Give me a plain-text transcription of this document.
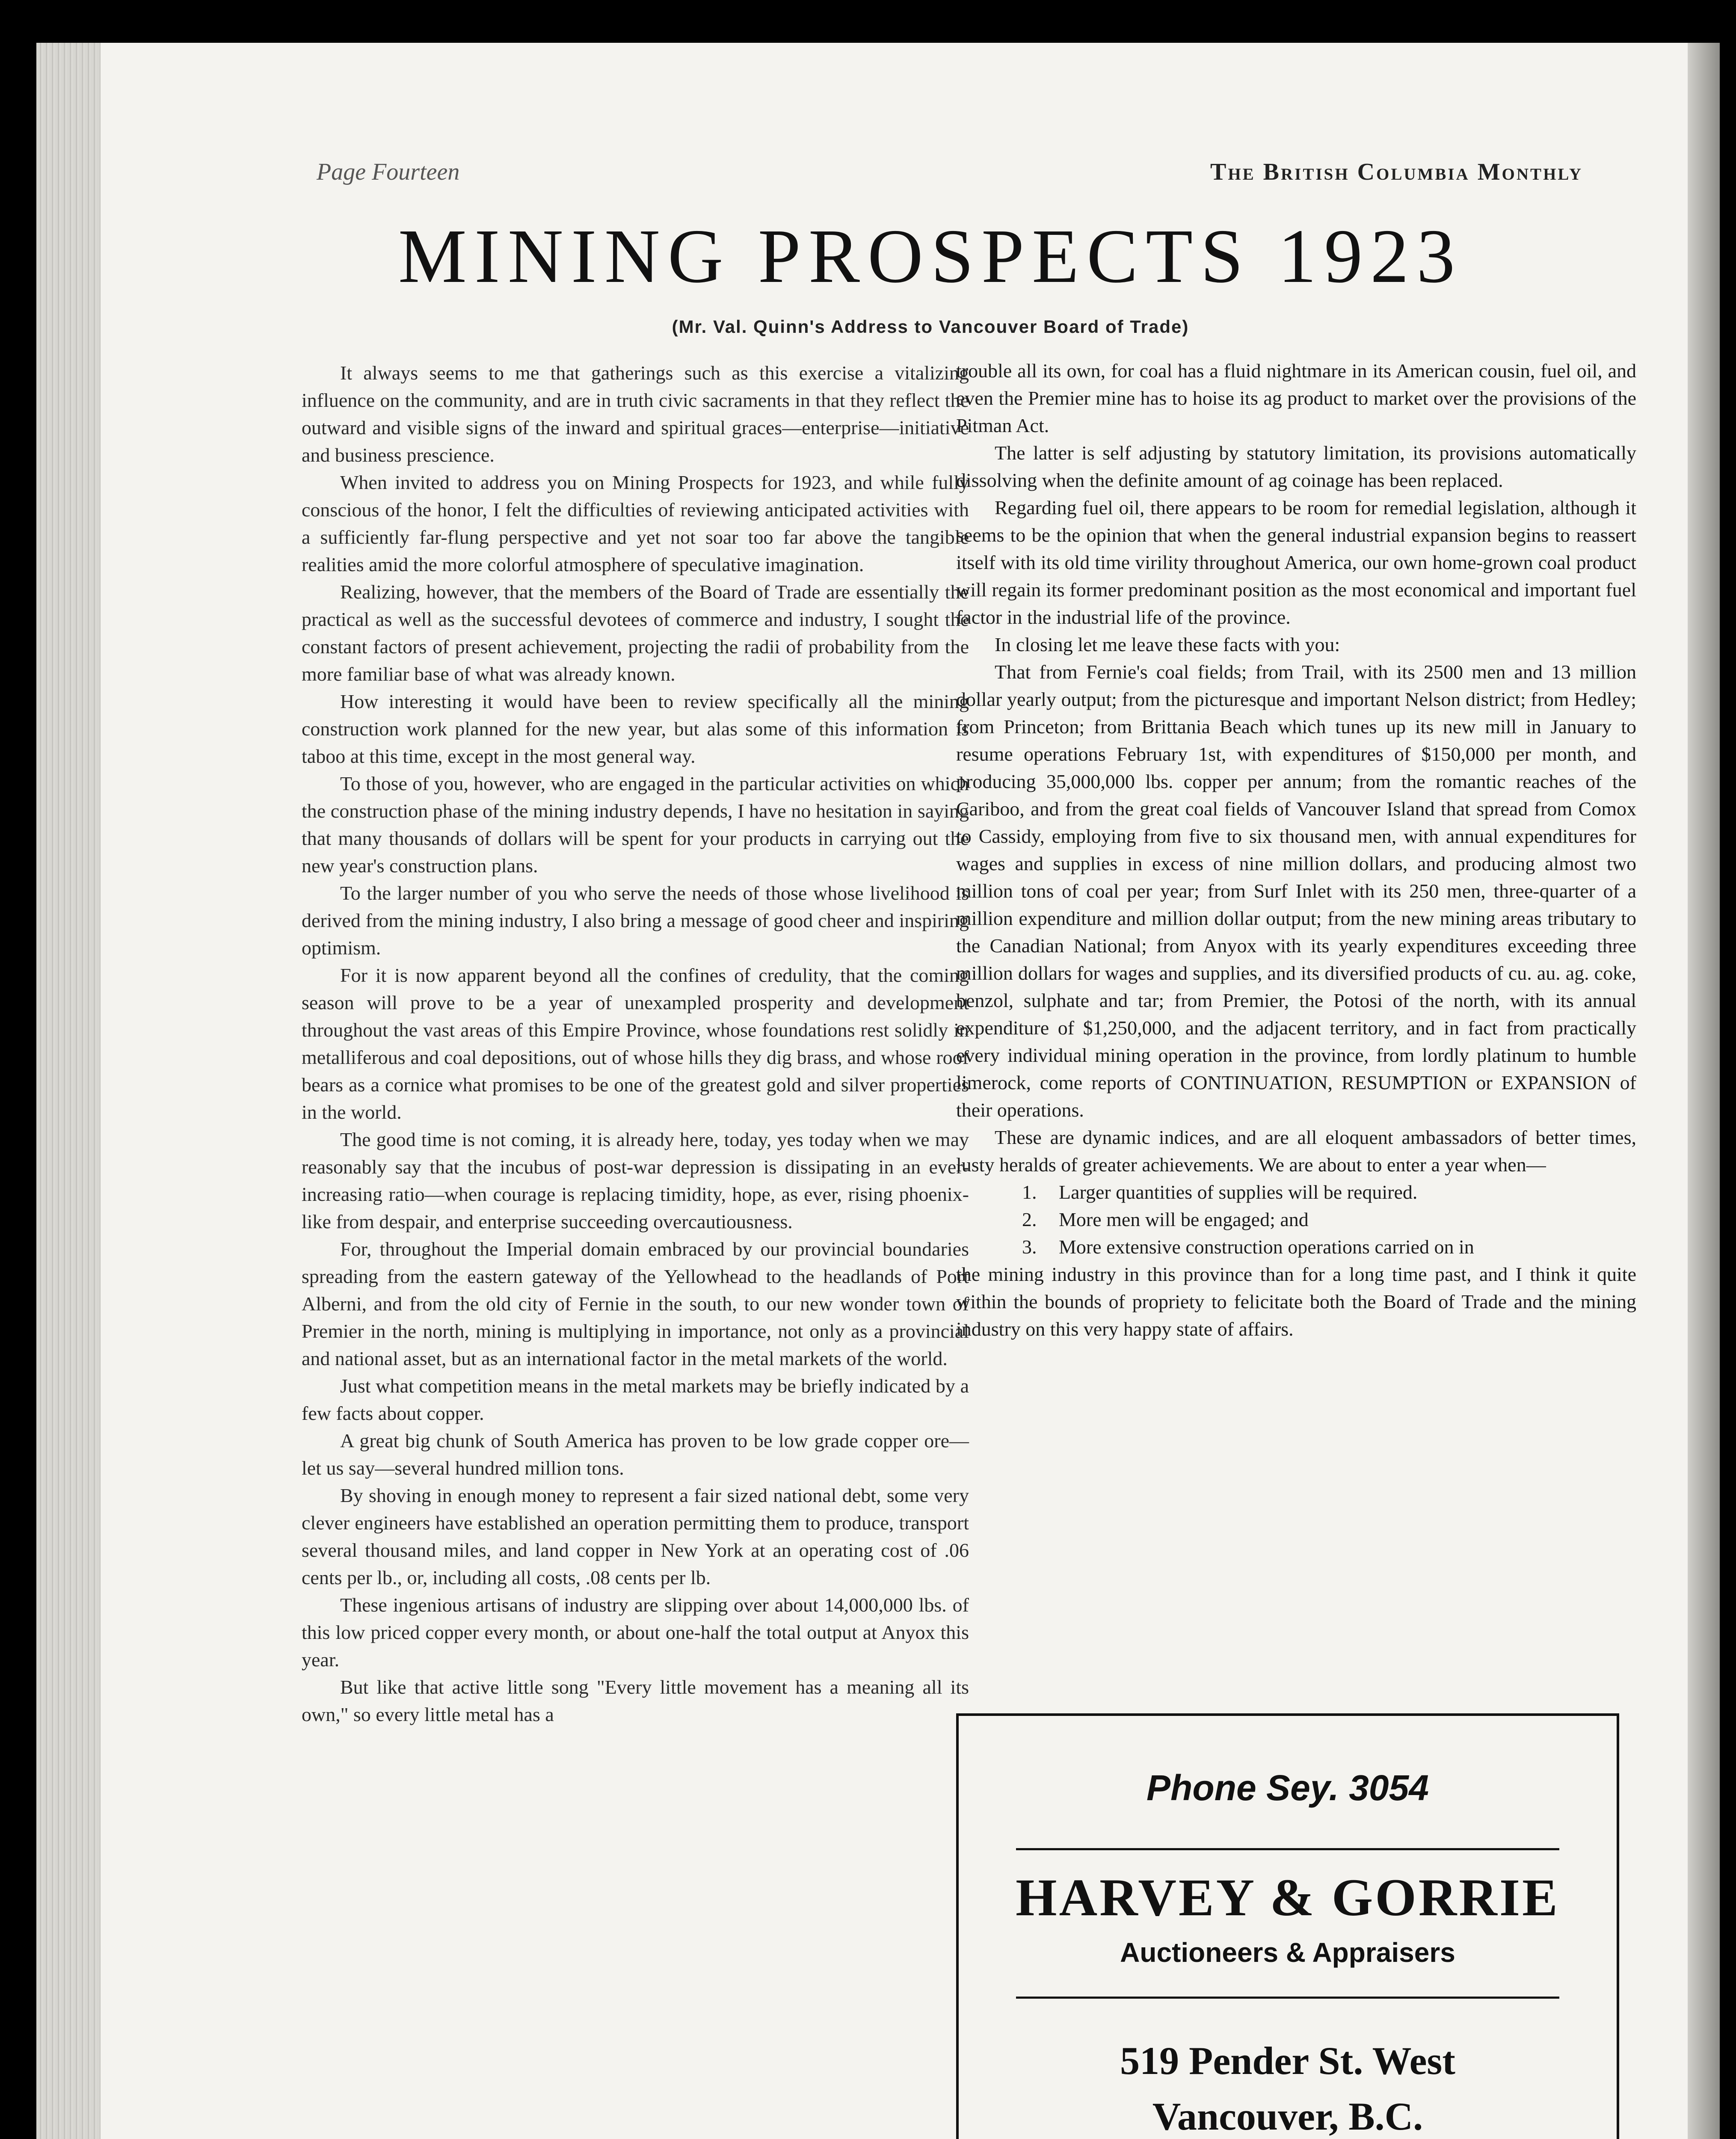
Page Fourteen	The British Columbia Monthly
MINING PROSPECTS 1923
(Mr. Val. Quinn's Address to Vancouver Board of Trade)

It always seems to me that gatherings such as this exercise a vitalizing influence on the community, and are in truth civic sacraments in that they reflect the outward and visible signs of the inward and spiritual graces—enterprise—initiative and business prescience.

When invited to address you on Mining Prospects for 1923, and while fully conscious of the honor, I felt the difficulties of reviewing anticipated activities with a sufficiently far-flung perspective and yet not soar too far above the tangible realities amid the more colorful atmosphere of speculative imagination.

Realizing, however, that the members of the Board of Trade are essentially the practical as well as the successful devotees of commerce and industry, I sought the constant factors of present achievement, projecting the radii of probability from the more familiar base of what was already known.

How interesting it would have been to review specifically all the mining construction work planned for the new year, but alas some of this information is taboo at this time, except in the most general way.

To those of you, however, who are engaged in the particular activities on which the construction phase of the mining industry depends, I have no hesitation in saying that many thousands of dollars will be spent for your products in carrying out the new year's construction plans.

To the larger number of you who serve the needs of those whose livelihood is derived from the mining industry, I also bring a message of good cheer and inspiring optimism.

For it is now apparent beyond all the confines of credulity, that the coming season will prove to be a year of unexampled prosperity and development throughout the vast areas of this Empire Province, whose foundations rest solidly in metalliferous and coal depositions, out of whose hills they dig brass, and whose roof bears as a cornice what promises to be one of the greatest gold and silver properties in the world.

The good time is not coming, it is already here, today, yes today when we may reasonably say that the incubus of post-war depression is dissipating in an ever-increasing ratio—when courage is replacing timidity, hope, as ever, rising phoenix-like from despair, and enterprise succeeding overcautiousness.

For, throughout the Imperial domain embraced by our provincial boundaries spreading from the eastern gateway of the Yellowhead to the headlands of Port Alberni, and from the old city of Fernie in the south, to our new wonder town of Premier in the north, mining is multiplying in importance, not only as a provincial and national asset, but as an international factor in the metal markets of the world.

Just what competition means in the metal markets may be briefly indicated by a few facts about copper.

A great big chunk of South America has proven to be low grade copper ore—let us say—several hundred million tons.

By shoving in enough money to represent a fair sized national debt, some very clever engineers have established an operation permitting them to produce, transport several thousand miles, and land copper in New York at an operating cost of .06 cents per lb., or, including all costs, .08 cents per lb.

These ingenious artisans of industry are slipping over about 14,000,000 lbs. of this low priced copper every month, or about one-half the total output at Anyox this year.

But like that active little song "Every little movement has a meaning all its own," so every little metal has a

trouble all its own, for coal has a fluid nightmare in its American cousin, fuel oil, and even the Premier mine has to hoise its ag product to market over the provisions of the Pitman Act.

The latter is self adjusting by statutory limitation, its provisions automatically dissolving when the definite amount of ag coinage has been replaced.

Regarding fuel oil, there appears to be room for remedial legislation, although it seems to be the opinion that when the general industrial expansion begins to reassert itself with its old time virility throughout America, our own home-grown coal product will regain its former predominant position as the most economical and important fuel factor in the industrial life of the province.

In closing let me leave these facts with you:

That from Fernie's coal fields; from Trail, with its 2500 men and 13 million dollar yearly output; from the picturesque and important Nelson district; from Hedley; from Princeton; from Brittania Beach which tunes up its new mill in January to resume operations February 1st, with expenditures of $150,000 per month, and producing 35,000,000 lbs. copper per annum; from the romantic reaches of the Cariboo, and from the great coal fields of Vancouver Island that spread from Comox to Cassidy, employing from five to six thousand men, with annual expenditures for wages and supplies in excess of nine million dollars, and producing almost two million tons of coal per year; from Surf Inlet with its 250 men, three-quarter of a million expenditure and million dollar output; from the new mining areas tributary to the Canadian National; from Anyox with its yearly expenditures exceeding three million dollars for wages and supplies, and its diversified products of cu. au. ag. coke, benzol, sulphate and tar; from Premier, the Potosi of the north, with its annual expenditure of $1,250,000, and the adjacent territory, and in fact from practically every individual mining operation in the province, from lordly platinum to humble limerock, come reports of CONTINUATION, RESUMPTION or EXPANSION of their operations.

These are dynamic indices, and are all eloquent ambassadors of better times, lusty heralds of greater achievements. We are about to enter a year when—

1. Larger quantities of supplies will be required.
2. More men will be engaged; and
3. More extensive construction operations carried on in

the mining industry in this province than for a long time past, and I think it quite within the bounds of propriety to felicitate both the Board of Trade and the mining industry on this very happy state of affairs.

Phone Sey. 3054
HARVEY & GORRIE
Auctioneers & Appraisers
519 Pender St. West
Vancouver, B.C.
